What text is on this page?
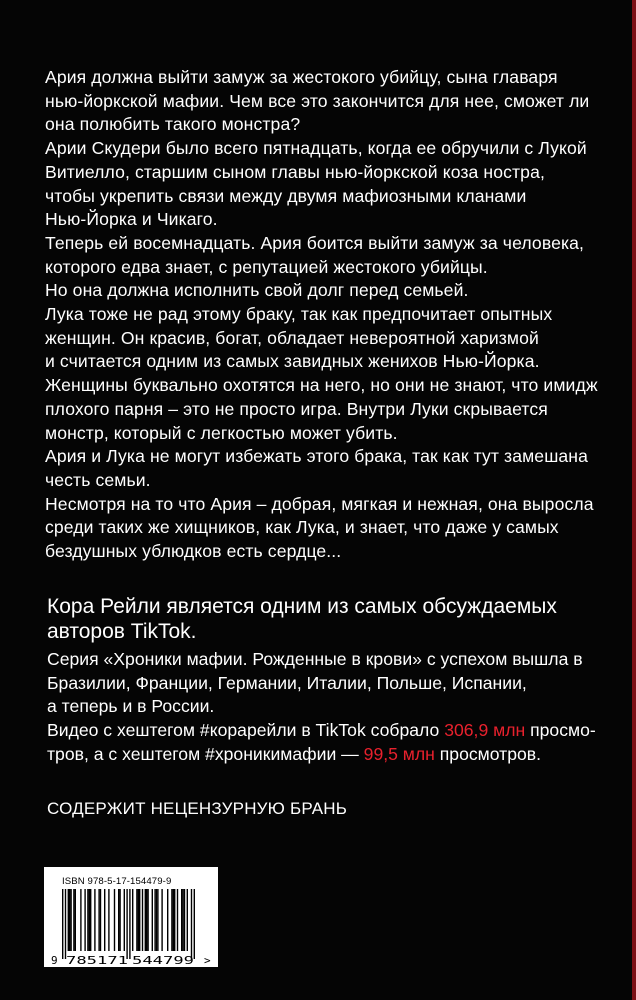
Ария должна выйти замуж за жестокого убийцу, сына главаря
нью-йоркской мафии. Чем все это закончится для нее, сможет ли
она полюбить такого монстра?

Арии Скудери было всего пятнадцать, когда ее обручили с Лукой
Витиелло, старшим сыном главы нью-йоркской коза ностра,
чтобы укрепить связи между двумя мафиозными кланами
Нью-Йорка и Чикаго.

Теперь ей восемнадцать. Ария боится выйти замуж за человека,
которого едва знает, с репутацией жестокого убийцы.

Но она должна исполнить свой долг перед семьей.

Лука тоже не рад этому браку, так как предпочитает опытных
женщин. Он красив, богат, обладает невероятной харизмой
и считается одним из самых завидных женихов Нью-Йорка.

Женщины буквально охотятся на него, но они не знают, что имидж
плохого парня – это не просто игра. Внутри Луки скрывается
монстр, который с легкостью может убить.

Ария и Лука не могут избежать этого брака, так как тут замешана
честь семьи.

Несмотря на то что Ария – добрая, мягкая и нежная, она выросла
среди таких же хищников, как Лука, и знает, что даже у самых
бездушных ублюдков есть сердце...

Кора Рейли является одним из самых обсуждаемых
авторов TikTok.

Серия «Хроники мафии. Рожденные в крови» с успехом вышла в
Бразилии, Франции, Германии, Италии, Польше, Испании,
а теперь и в России.

Видео с хештегом #корарейли в TikTok собрало 306,9 млн просмо-
тров, а с хештегом #хроникимафии — 99,5 млн просмотров.

СОДЕРЖИТ НЕЦЕНЗУРНУЮ БРАНЬ
9 785171 544799 >
ISBN 978-5-17-154479-9
